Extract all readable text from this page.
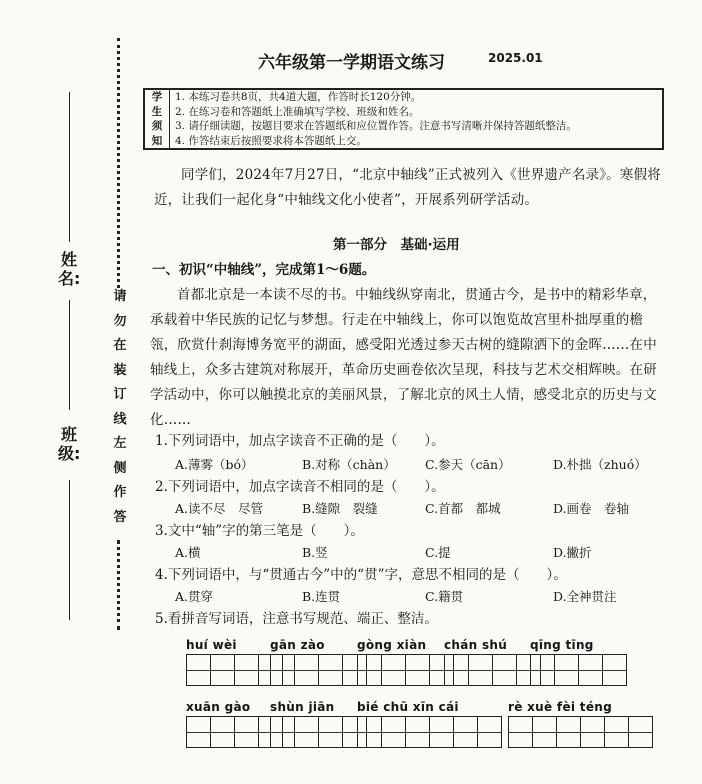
姓名:
班级:
请
勿
在
装
订
线
左
侧
作
答
六年级第一学期语文练习	2025.01
学
生
须
知
1. 本练习卷共8页，共4道大题，作答时长120分钟。
2. 在练习卷和答题纸上准确填写学校、班级和姓名。
3. 请仔细读题，按题目要求在答题纸和应位置作答。注意书写清晰并保持答题纸整洁。
4. 作答结束后按照要求将本答题纸上交。
同学们，2024年7月27日，“北京中轴线”正式被列入《世界遗产名录》。寒假将近，让我们一起化身“中轴线文化小使者”，开展系列研学活动。
第一部分　基础·运用
一、初识“中轴线”，完成第1～6题。
首都北京是一本读不尽的书。中轴线纵穿南北，贯通古今，是书中的精彩华章，承载着中华民族的记忆与梦想。行走在中轴线上，你可以饱览故宫里朴拙厚重的檐瓴，欣赏什刹海博务宽平的湖面，感受阳光透过参天古树的缝隙洒下的金晖……在中轴线上，众多古建筑对称展开，革命历史画卷依次呈现，科技与艺术交相辉映。在研学活动中，你可以触摸北京的美丽风景，了解北京的风土人情，感受北京的历史与文化……
1.下列词语中，加点字读音不正确的是（　　）。
A.薄雾（bó）	B.对称（chàn） C.参天（cān）	D.朴拙（zhuó）
2.下列词语中，加点字读音不相同的是（　　）。
A.读不尽　尽管	B.缝隙　裂缝	C.首都　都城	D.画卷　卷轴
3.文中“轴”字的第三笔是（　　）。
A.横	B.竖	C.提	D.撇折
4.下列词语中，与“贯通古今”中的“贯”字，意思不相同的是（　　）。
A.贯穿	B.连贯	C.籍贯	D.全神贯注
5.看拼音写词语，注意书写规范、端正、整洁。
huí wèi	gān zào	gòng xiàn	chán shú	qīng tīng
xuān gào	shùn jiān	bié chū xīn cái	rè xuè fèi téng
